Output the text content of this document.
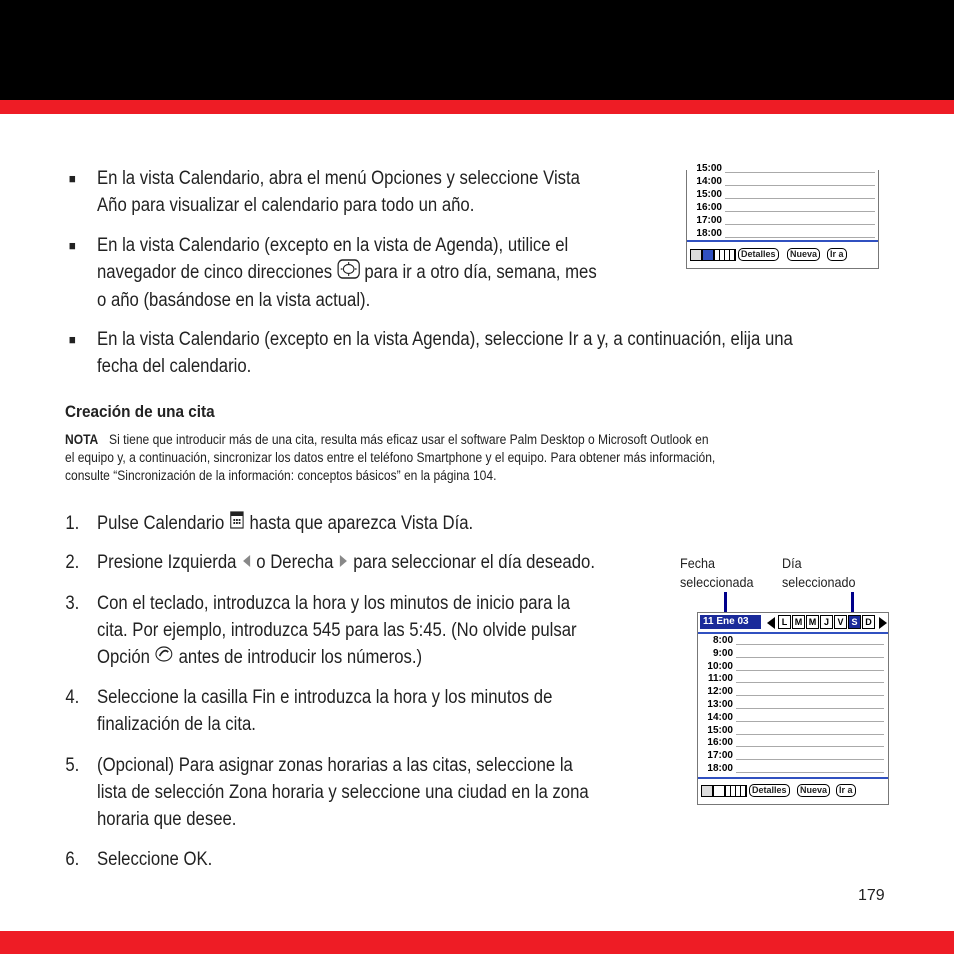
■ En la vista Calendario, abra el menú Opciones y seleccione Vista
Año para visualizar el calendario para todo un año.
■ En la vista Calendario (excepto en la vista de Agenda), utilice el
navegador de cinco direcciones para ir a otro día, semana, mes
o año (basándose en la vista actual).
■ En la vista Calendario (excepto en la vista Agenda), seleccione Ir a y, a continuación, elija una
fecha del calendario.
15:00
14:00
15:00
16:00
17:00
18:00
Detalles	Nueva	Ir a
Creación de una cita
NOTA Si tiene que introducir más de una cita, resulta más eficaz usar el software Palm Desktop o Microsoft Outlook en
el equipo y, a continuación, sincronizar los datos entre el teléfono Smartphone y el equipo. Para obtener más información,
consulte “Sincronización de la información: conceptos básicos” en la página 104.
1. Pulse Calendario hasta que aparezca Vista Día.
2. Presione Izquierda o Derecha para seleccionar el día deseado.
3. Con el teclado, introduzca la hora y los minutos de inicio para la
cita. Por ejemplo, introduzca 545 para las 5:45. (No olvide pulsar
Opción antes de introducir los números.)
4. Seleccione la casilla Fin e introduzca la hora y los minutos de
finalización de la cita.
5. (Opcional) Para asignar zonas horarias a las citas, seleccione la
lista de selección Zona horaria y seleccione una ciudad en la zona
horaria que desee.
6. Seleccione OK.
Fecha
seleccionada
Día
seleccionado
11 Ene 03	L M M J V S D
8:00
9:00
10:00
11:00
12:00
13:00
14:00
15:00
16:00
17:00
18:00
Detalles	Nueva	Ir a
179
